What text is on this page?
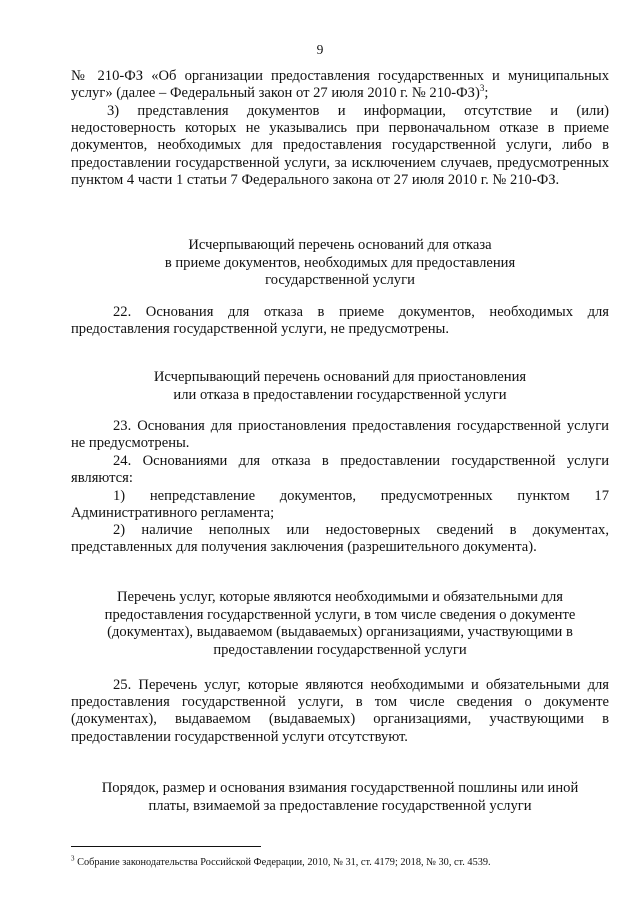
9
№ 210-ФЗ «Об организации предоставления государственных и муниципальных услуг» (далее – Федеральный закон от 27 июля 2010 г. № 210-ФЗ)$^3$;
3) представления документов и информации, отсутствие и (или) недостоверность которых не указывались при первоначальном отказе в приеме документов, необходимых для предоставления государственной услуги, либо в предоставлении государственной услуги, за исключением случаев, предусмотренных пунктом 4 части 1 статьи 7 Федерального закона от 27 июля 2010 г. № 210-ФЗ.
Исчерпывающий перечень оснований для отказа
в приеме документов, необходимых для предоставления
государственной услуги
22. Основания для отказа в приеме документов, необходимых для предоставления государственной услуги, не предусмотрены.
Исчерпывающий перечень оснований для приостановления
или отказа в предоставлении государственной услуги
23. Основания для приостановления предоставления государственной услуги не предусмотрены.
24. Основаниями для отказа в предоставлении государственной услуги являются:
1) непредставление документов, предусмотренных пунктом 17 Административного регламента;
2) наличие неполных или недостоверных сведений в документах, представленных для получения заключения (разрешительного документа).
Перечень услуг, которые являются необходимыми и обязательными для
предоставления государственной услуги, в том числе сведения о документе
(документах), выдаваемом (выдаваемых) организациями, участвующими в
предоставлении государственной услуги
25. Перечень услуг, которые являются необходимыми и обязательными для предоставления государственной услуги, в том числе сведения о документе (документах), выдаваемом (выдаваемых) организациями, участвующими в предоставлении государственной услуги отсутствуют.
Порядок, размер и основания взимания государственной пошлины или иной
платы, взимаемой за предоставление государственной услуги
$^3$ Собрание законодательства Российской Федерации, 2010, № 31, ст. 4179; 2018, № 30, ст. 4539.
